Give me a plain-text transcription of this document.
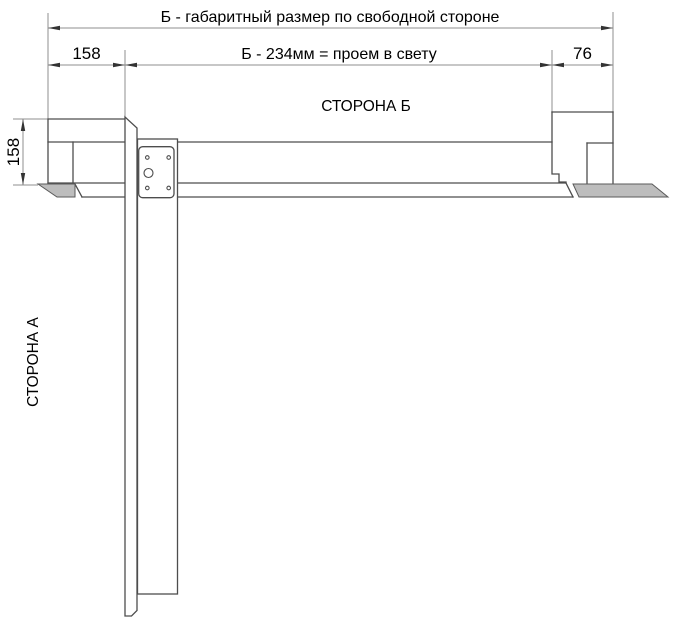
Б - габаритный размер по свободной стороне
158	Б - 234мм = проем в свету	76
СТОРОНА Б
158
СТОРОНА А
